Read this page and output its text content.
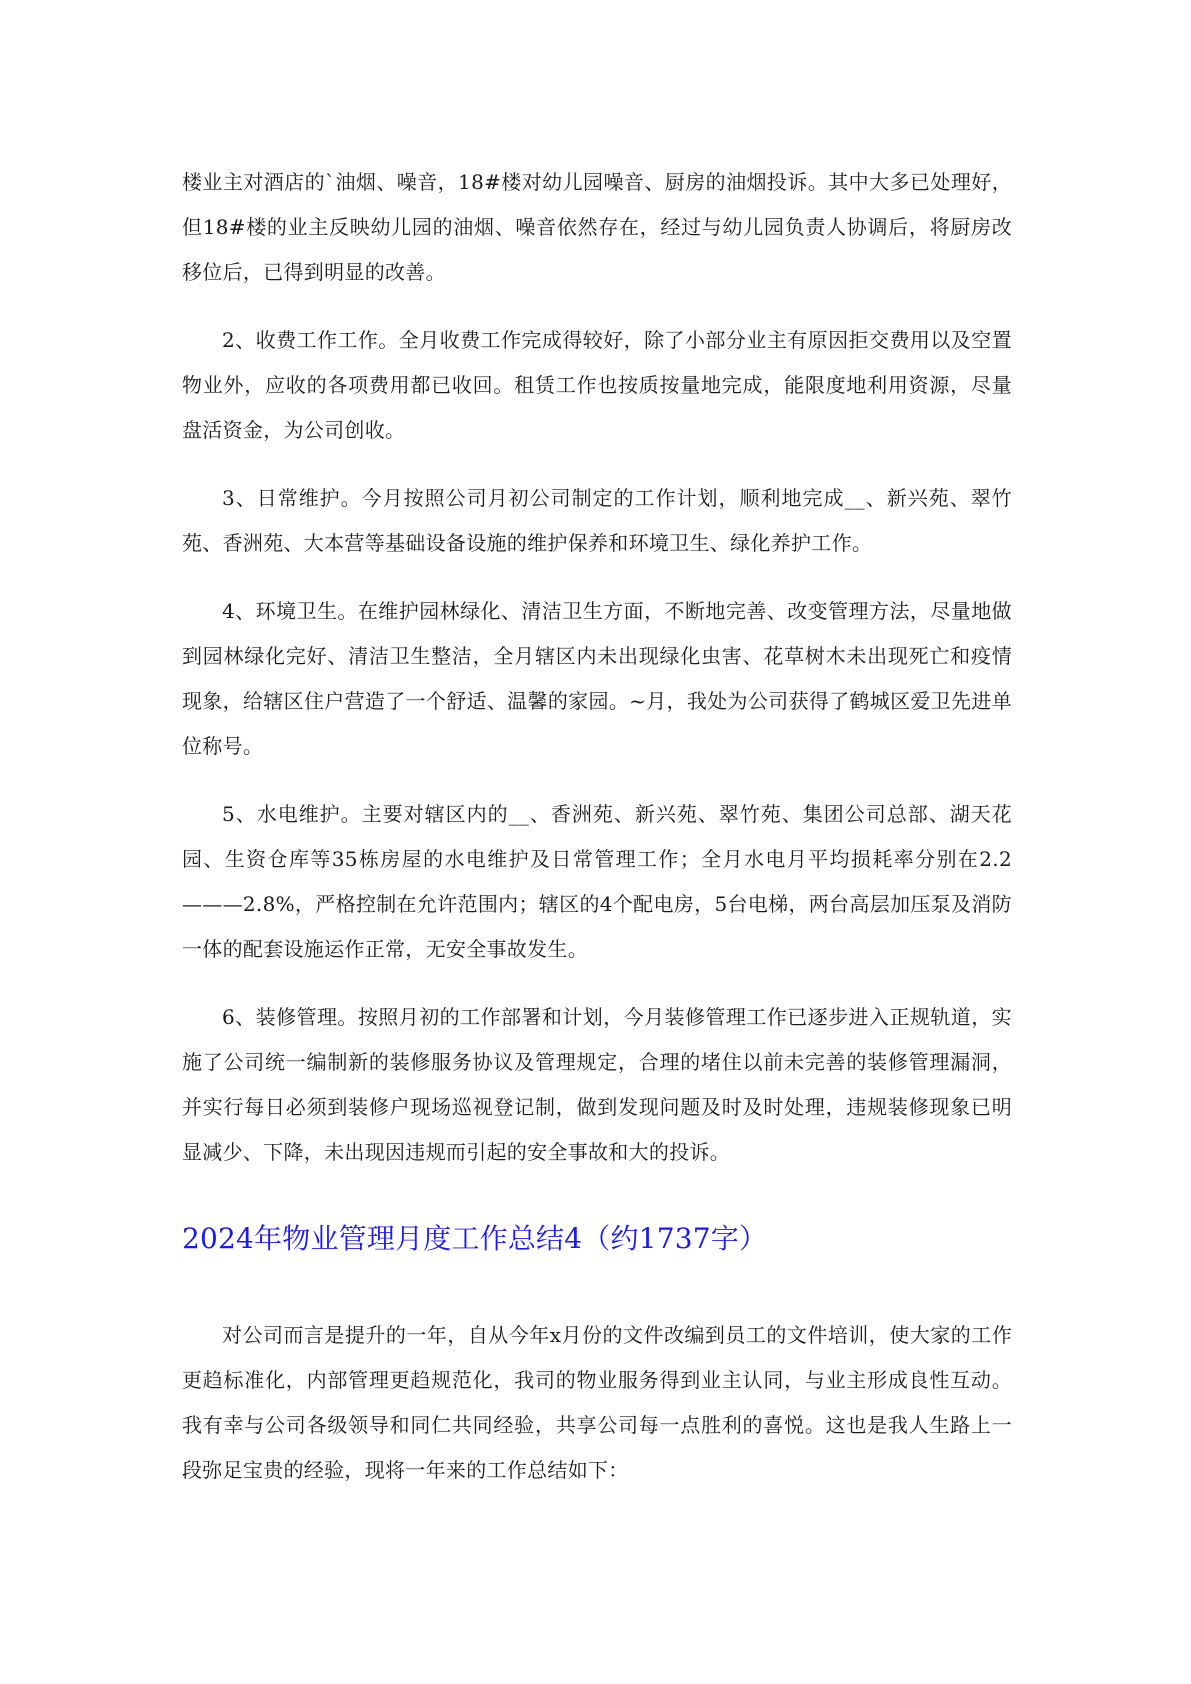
楼业主对酒店的`油烟、噪音，18#楼对幼儿园噪音、厨房的油烟投诉。其中大多已处理好，但18#楼的业主反映幼儿园的油烟、噪音依然存在，经过与幼儿园负责人协调后，将厨房改移位后，已得到明显的改善。

2、收费工作工作。全月收费工作完成得较好，除了小部分业主有原因拒交费用以及空置物业外，应收的各项费用都已收回。租赁工作也按质按量地完成，能限度地利用资源，尽量盘活资金，为公司创收。

3、日常维护。今月按照公司月初公司制定的工作计划，顺利地完成__、新兴苑、翠竹苑、香洲苑、大本营等基础设备设施的维护保养和环境卫生、绿化养护工作。

4、环境卫生。在维护园林绿化、清洁卫生方面，不断地完善、改变管理方法，尽量地做到园林绿化完好、清洁卫生整洁，全月辖区内未出现绿化虫害、花草树木未出现死亡和疫情现象，给辖区住户营造了一个舒适、温馨的家园。~月，我处为公司获得了鹤城区爱卫先进单位称号。

5、水电维护。主要对辖区内的__、香洲苑、新兴苑、翠竹苑、集团公司总部、湖天花园、生资仓库等35栋房屋的水电维护及日常管理工作；全月水电月平均损耗率分别在2.2———2.8%，严格控制在允许范围内；辖区的4个配电房，5台电梯，两台高层加压泵及消防一体的配套设施运作正常，无安全事故发生。

6、装修管理。按照月初的工作部署和计划，今月装修管理工作已逐步进入正规轨道，实施了公司统一编制新的装修服务协议及管理规定，合理的堵住以前未完善的装修管理漏洞，并实行每日必须到装修户现场巡视登记制，做到发现问题及时及时处理，违规装修现象已明显减少、下降，未出现因违规而引起的安全事故和大的投诉。

2024年物业管理月度工作总结4（约1737字）

对公司而言是提升的一年，自从今年x月份的文件改编到员工的文件培训，使大家的工作更趋标准化，内部管理更趋规范化，我司的物业服务得到业主认同，与业主形成良性互动。我有幸与公司各级领导和同仁共同经验，共享公司每一点胜利的喜悦。这也是我人生路上一段弥足宝贵的经验，现将一年来的工作总结如下：
